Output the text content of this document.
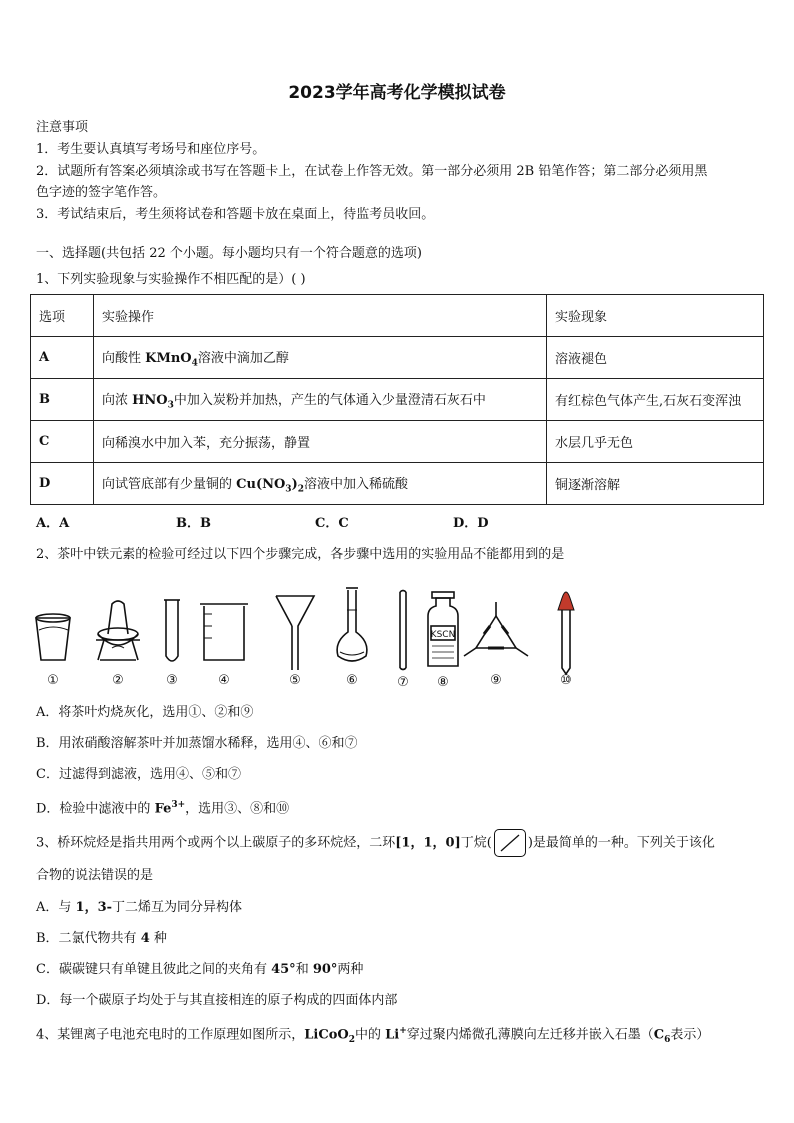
2023学年高考化学模拟试卷
注意事项
1．考生要认真填写考场号和座位序号。
2．试题所有答案必须填涂或书写在答题卡上，在试卷上作答无效。第一部分必须用 2B 铅笔作答；第二部分必须用黑
色字迹的签字笔作答。
3．考试结束后，考生须将试卷和答题卡放在桌面上，待监考员收回。
一、选择题(共包括 22 个小题。每小题均只有一个符合题意的选项)
1、下列实验现象与实验操作不相匹配的是）( )
选项	实验操作	实验现象
A	向酸性 KMnO$_4$溶液中滴加乙醇	溶液褪色
B	向浓 $HNO_3$中加入炭粉并加热，产生的气体通入少量澄清石灰石中	有红棕色气体产生,石灰石变浑浊
C	向稀溴水中加入苯，充分振荡，静置	水层几乎无色
D	向试管底部有少量铜的 $Cu(NO_3)_2$溶液中加入稀硫酸	铜逐渐溶解
A．A	B．B	C．C	D．D
2、茶叶中铁元素的检验可经过以下四个步骤完成，各步骤中选用的实验用品不能都用到的是
KSCN
①	②	③	④	⑤	⑥	⑦ ⑧	⑨	⑩
A．将茶叶灼烧灰化，选用①、②和⑨
B．用浓硝酸溶解茶叶并加蒸馏水稀释，选用④、⑥和⑦
C．过滤得到滤液，选用④、⑤和⑦
D．检验中滤液中的 $Fe^{3+}$，选用③、⑧和⑩
3、桥环烷烃是指共用两个或两个以上碳原子的多环烷烃，二环[1，1，0]丁烷(	)是最简单的一种。下列关于该化
合物的说法错误的是
A．与 1，3-丁二烯互为同分异构体
B．二氯代物共有 4 种
C．碳碳键只有单键且彼此之间的夹角有 45°和 90°两种
D．每一个碳原子均处于与其直接相连的原子构成的四面体内部
4、某锂离子电池充电时的工作原理如图所示，LiCoO$_2$中的 Li+穿过聚内烯微孔薄膜向左迁移并嵌入石墨（$C_6$表示）
